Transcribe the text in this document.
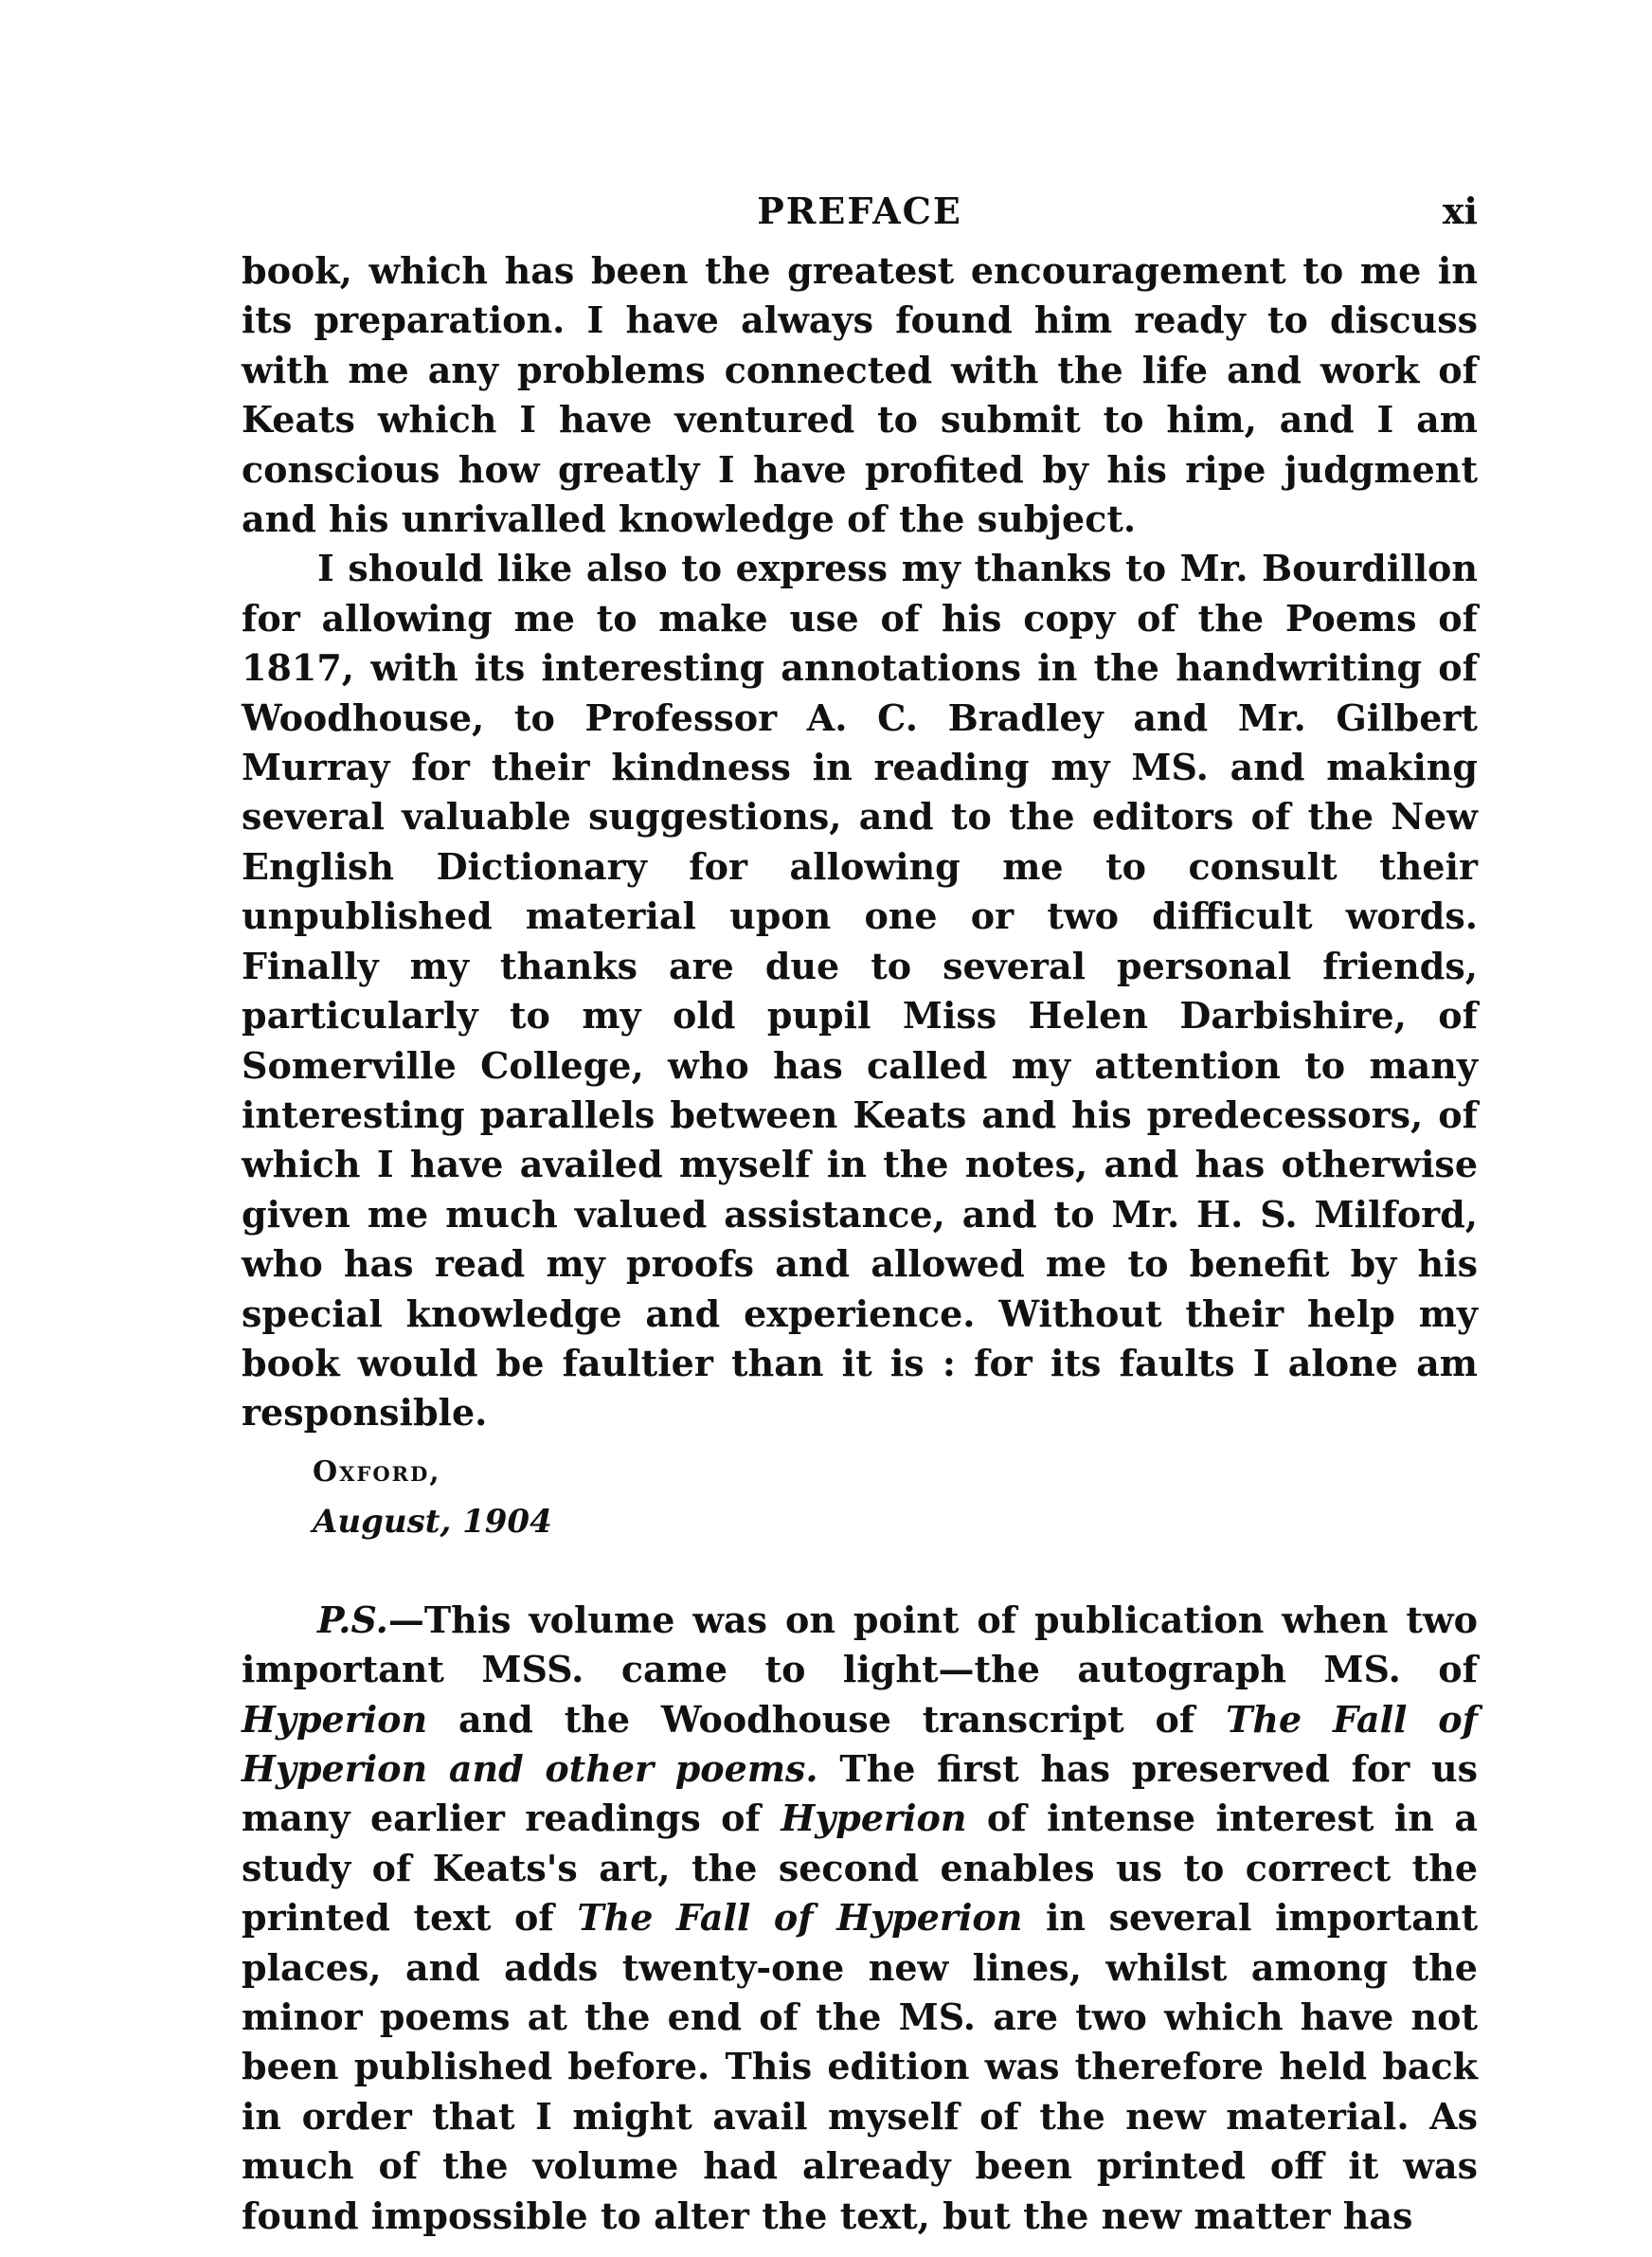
PREFACE	xi

book, which has been the greatest encouragement to me in its preparation. I have always found him ready to discuss with me any problems connected with the life and work of Keats which I have ventured to submit to him, and I am conscious how greatly I have profited by his ripe judgment and his unrivalled knowledge of the subject.

I should like also to express my thanks to Mr. Bourdillon for allowing me to make use of his copy of the Poems of 1817, with its interesting annotations in the handwriting of Woodhouse, to Professor A. C. Bradley and Mr. Gilbert Murray for their kindness in reading my MS. and making several valuable suggestions, and to the editors of the New English Dictionary for allowing me to consult their unpublished material upon one or two difficult words. Finally my thanks are due to several personal friends, particularly to my old pupil Miss Helen Darbishire, of Somerville College, who has called my attention to many interesting parallels between Keats and his predecessors, of which I have availed myself in the notes, and has otherwise given me much valued assistance, and to Mr. H. S. Milford, who has read my proofs and allowed me to benefit by his special knowledge and experience. Without their help my book would be faultier than it is : for its faults I alone am responsible.

Oxford,
August, 1904

P.S.—This volume was on point of publication when two important MSS. came to light—the autograph MS. of Hyperion and the Woodhouse transcript of The Fall of Hyperion and other poems. The first has preserved for us many earlier readings of Hyperion of intense interest in a study of Keats's art, the second enables us to correct the printed text of The Fall of Hyperion in several important places, and adds twenty-one new lines, whilst among the minor poems at the end of the MS. are two which have not been published before. This edition was therefore held back in order that I might avail myself of the new material. As much of the volume had already been printed off it was found impossible to alter the text, but the new matter has
